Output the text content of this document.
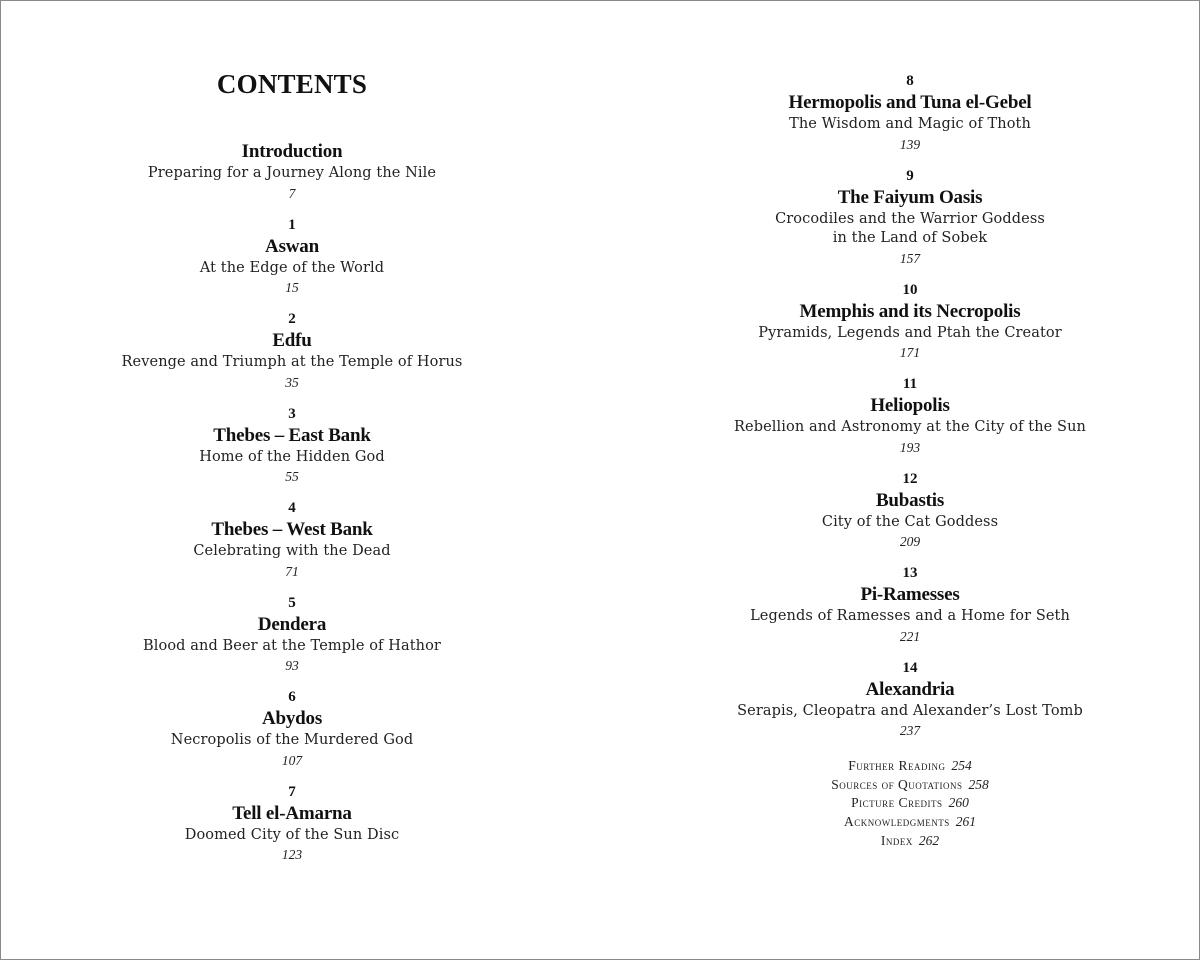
CONTENTS
Introduction
Preparing for a Journey Along the Nile
7
1
Aswan
At the Edge of the World
15
2
Edfu
Revenge and Triumph at the Temple of Horus
35
3
Thebes – East Bank
Home of the Hidden God
55
4
Thebes – West Bank
Celebrating with the Dead
71
5
Dendera
Blood and Beer at the Temple of Hathor
93
6
Abydos
Necropolis of the Murdered God
107
7
Tell el-Amarna
Doomed City of the Sun Disc
123
8
Hermopolis and Tuna el-Gebel
The Wisdom and Magic of Thoth
139
9
The Faiyum Oasis
Crocodiles and the Warrior Goddess
in the Land of Sobek
157
10
Memphis and its Necropolis
Pyramids, Legends and Ptah the Creator
171
11
Heliopolis
Rebellion and Astronomy at the City of the Sun
193
12
Bubastis
City of the Cat Goddess
209
13
Pi-Ramesses
Legends of Ramesses and a Home for Seth
221
14
Alexandria
Serapis, Cleopatra and Alexander’s Lost Tomb
237
Further Reading 254
Sources of Quotations 258
Picture Credits 260
Acknowledgments 261
Index 262
